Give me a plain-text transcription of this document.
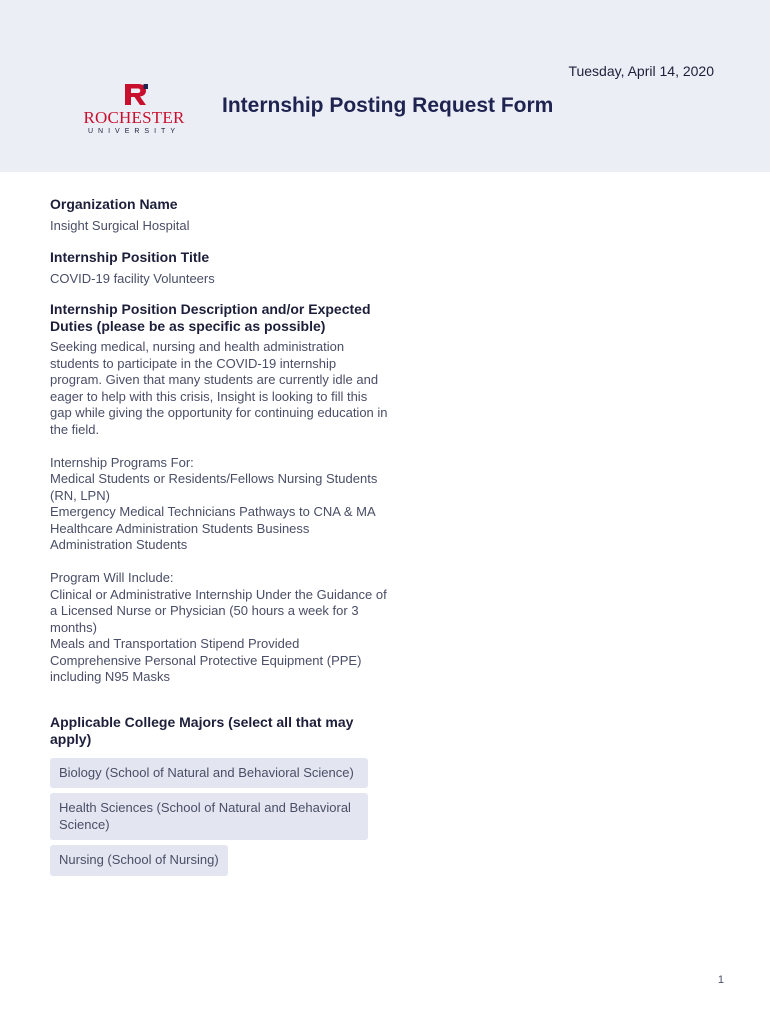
Tuesday, April 14, 2020
ROCHESTER
UNIVERSITY
Internship Posting Request Form

Organization Name

Insight Surgical Hospital

Internship Position Title

COVID-19 facility Volunteers

Internship Position Description and/or Expected Duties (please be as specific as possible)

Seeking medical, nursing and health administration students to participate in the COVID-19 internship program. Given that many students are currently idle and eager to help with this crisis, Insight is looking to fill this gap while giving the opportunity for continuing education in the field.

Internship Programs For:
Medical Students or Residents/Fellows Nursing Students (RN, LPN)
Emergency Medical Technicians Pathways to CNA & MA
Healthcare Administration Students Business Administration Students

Program Will Include:
Clinical or Administrative Internship Under the Guidance of a Licensed Nurse or Physician (50 hours a week for 3 months)
Meals and Transportation Stipend Provided
Comprehensive Personal Protective Equipment (PPE) including N95 Masks

Applicable College Majors (select all that may apply)

Biology (School of Natural and Behavioral Science)
Health Sciences (School of Natural and Behavioral Science)
Nursing (School of Nursing)
1
